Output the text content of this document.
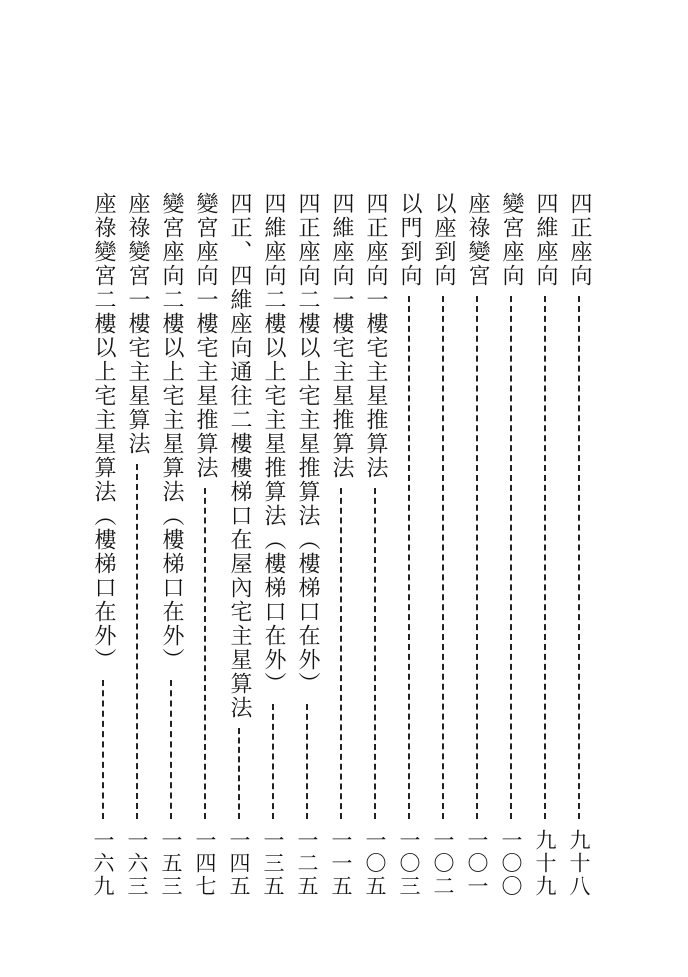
四正座向
九十八
四維座向
九十九
變宮座向
一〇〇
座祿變宮
一〇一
以座到向
一〇二
以門到向
一〇三
四正座向一樓宅主星推算法
一〇五
四維座向一樓宅主星推算法
一一五
四正座向二樓以上宅主星推算法（樓梯口在外）
一二五
四維座向二樓以上宅主星推算法（樓梯口在外）
一三五
四正、四維座向通往二樓樓梯口在屋內宅主星算法
一四五
變宮座向一樓宅主星推算法
一四七
變宮座向二樓以上宅主星算法（樓梯口在外）
一五三
座祿變宮一樓宅主星算法
一六三
座祿變宮二樓以上宅主星算法（樓梯口在外）
一六九
